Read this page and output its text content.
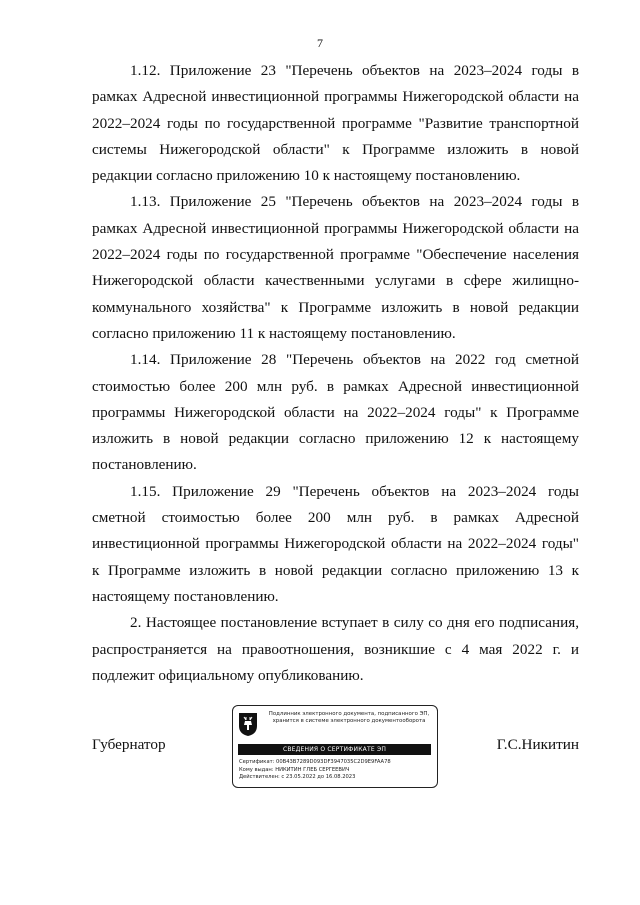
7

1.12. Приложение 23 "Перечень объектов на 2023–2024 годы в рамках Адресной инвестиционной программы Нижегородской области на 2022–2024 годы по государственной программе "Развитие транспортной системы Нижегородской области" к Программе изложить в новой редакции согласно приложению 10 к настоящему постановлению.

1.13. Приложение 25 "Перечень объектов на 2023–2024 годы в рамках Адресной инвестиционной программы Нижегородской области на 2022–2024 годы по государственной программе "Обеспечение населения Нижегородской области качественными услугами в сфере жилищно-коммунального хозяйства" к Программе изложить в новой редакции согласно приложению 11 к настоящему постановлению.

1.14. Приложение 28 "Перечень объектов на 2022 год сметной стоимостью более 200 млн руб. в рамках Адресной инвестиционной программы Нижегородской области на 2022–2024 годы" к Программе изложить в новой редакции согласно приложению 12 к настоящему постановлению.

1.15. Приложение 29 "Перечень объектов на 2023–2024 годы сметной стоимостью более 200 млн руб. в рамках Адресной инвестиционной программы Нижегородской области на 2022–2024 годы" к Программе изложить в новой редакции согласно приложению 13 к настоящему постановлению.

2. Настоящее постановление вступает в силу со дня его подписания, распространяется на правоотношения, возникшие с 4 мая 2022 г. и подлежит официальному опубликованию.

Губернатор	Г.С.Никитин
Подлинник электронного документа, подписанного ЭП,
хранится в системе электронного документооборота
СВЕДЕНИЯ О СЕРТИФИКАТЕ ЭП
Сертификат: 00B43B7289D093DF3947035C2D9E9FAA78
Кому выдан: НИКИТИН ГЛЕБ СЕРГЕЕВИЧ
Действителен: с 23.05.2022 до 16.08.2023
